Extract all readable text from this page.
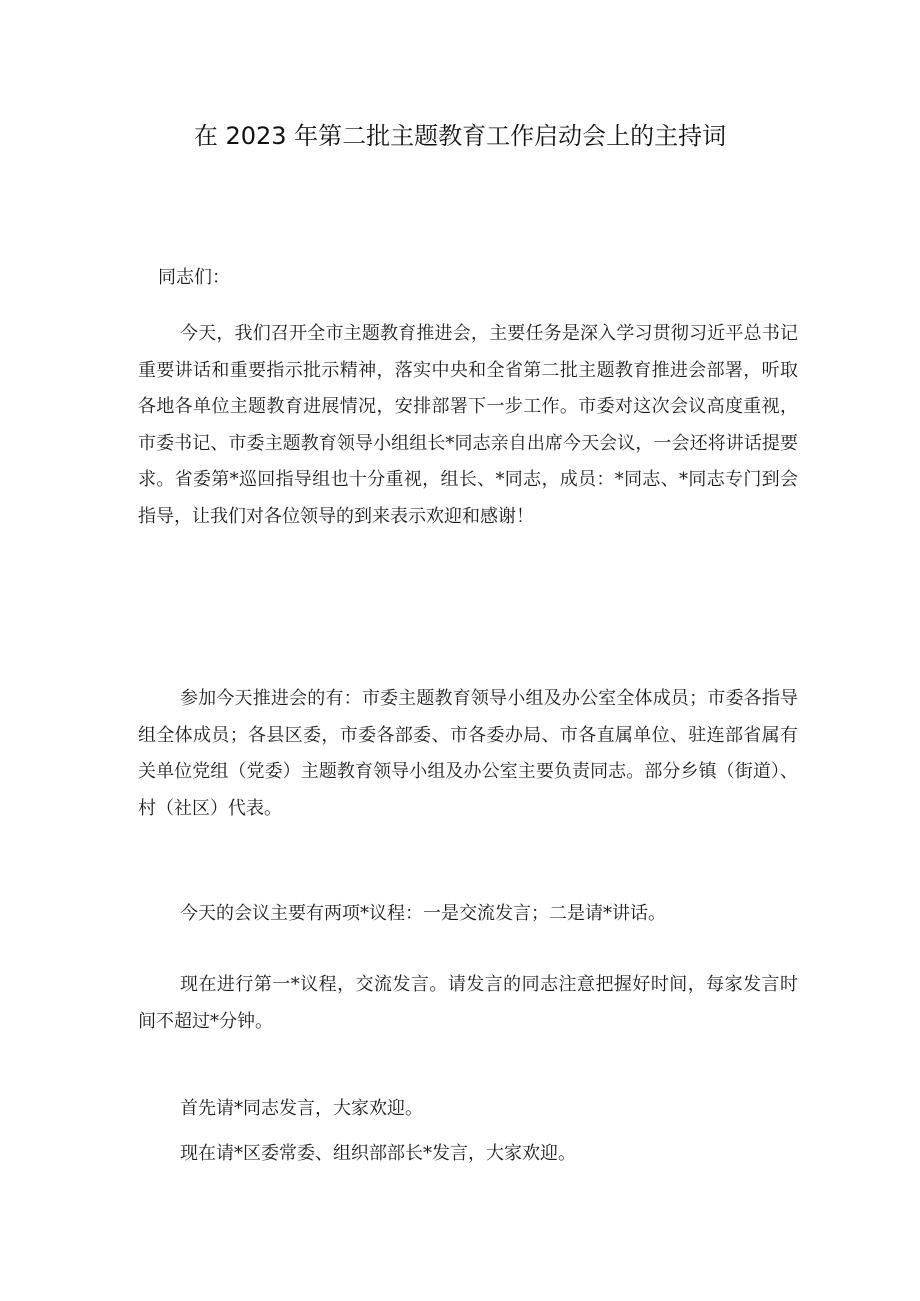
在 2023 年第二批主题教育工作启动会上的主持词

同志们：

今天，我们召开全市主题教育推进会，主要任务是深入学习贯彻习近平总书记重要讲话和重要指示批示精神，落实中央和全省第二批主题教育推进会部署，听取各地各单位主题教育进展情况，安排部署下一步工作。市委对这次会议高度重视，市委书记、市委主题教育领导小组组长*同志亲自出席今天会议，一会还将讲话提要求。省委第*巡回指导组也十分重视，组长、*同志，成员：*同志、*同志专门到会指导，让我们对各位领导的到来表示欢迎和感谢！

参加今天推进会的有：市委主题教育领导小组及办公室全体成员；市委各指导组全体成员；各县区委，市委各部委、市各委办局、市各直属单位、驻连部省属有关单位党组（党委）主题教育领导小组及办公室主要负责同志。部分乡镇（街道）、村（社区）代表。

今天的会议主要有两项*议程：一是交流发言；二是请*讲话。

现在进行第一*议程，交流发言。请发言的同志注意把握好时间，每家发言时间不超过*分钟。

首先请*同志发言，大家欢迎。

现在请*区委常委、组织部部长*发言，大家欢迎。
